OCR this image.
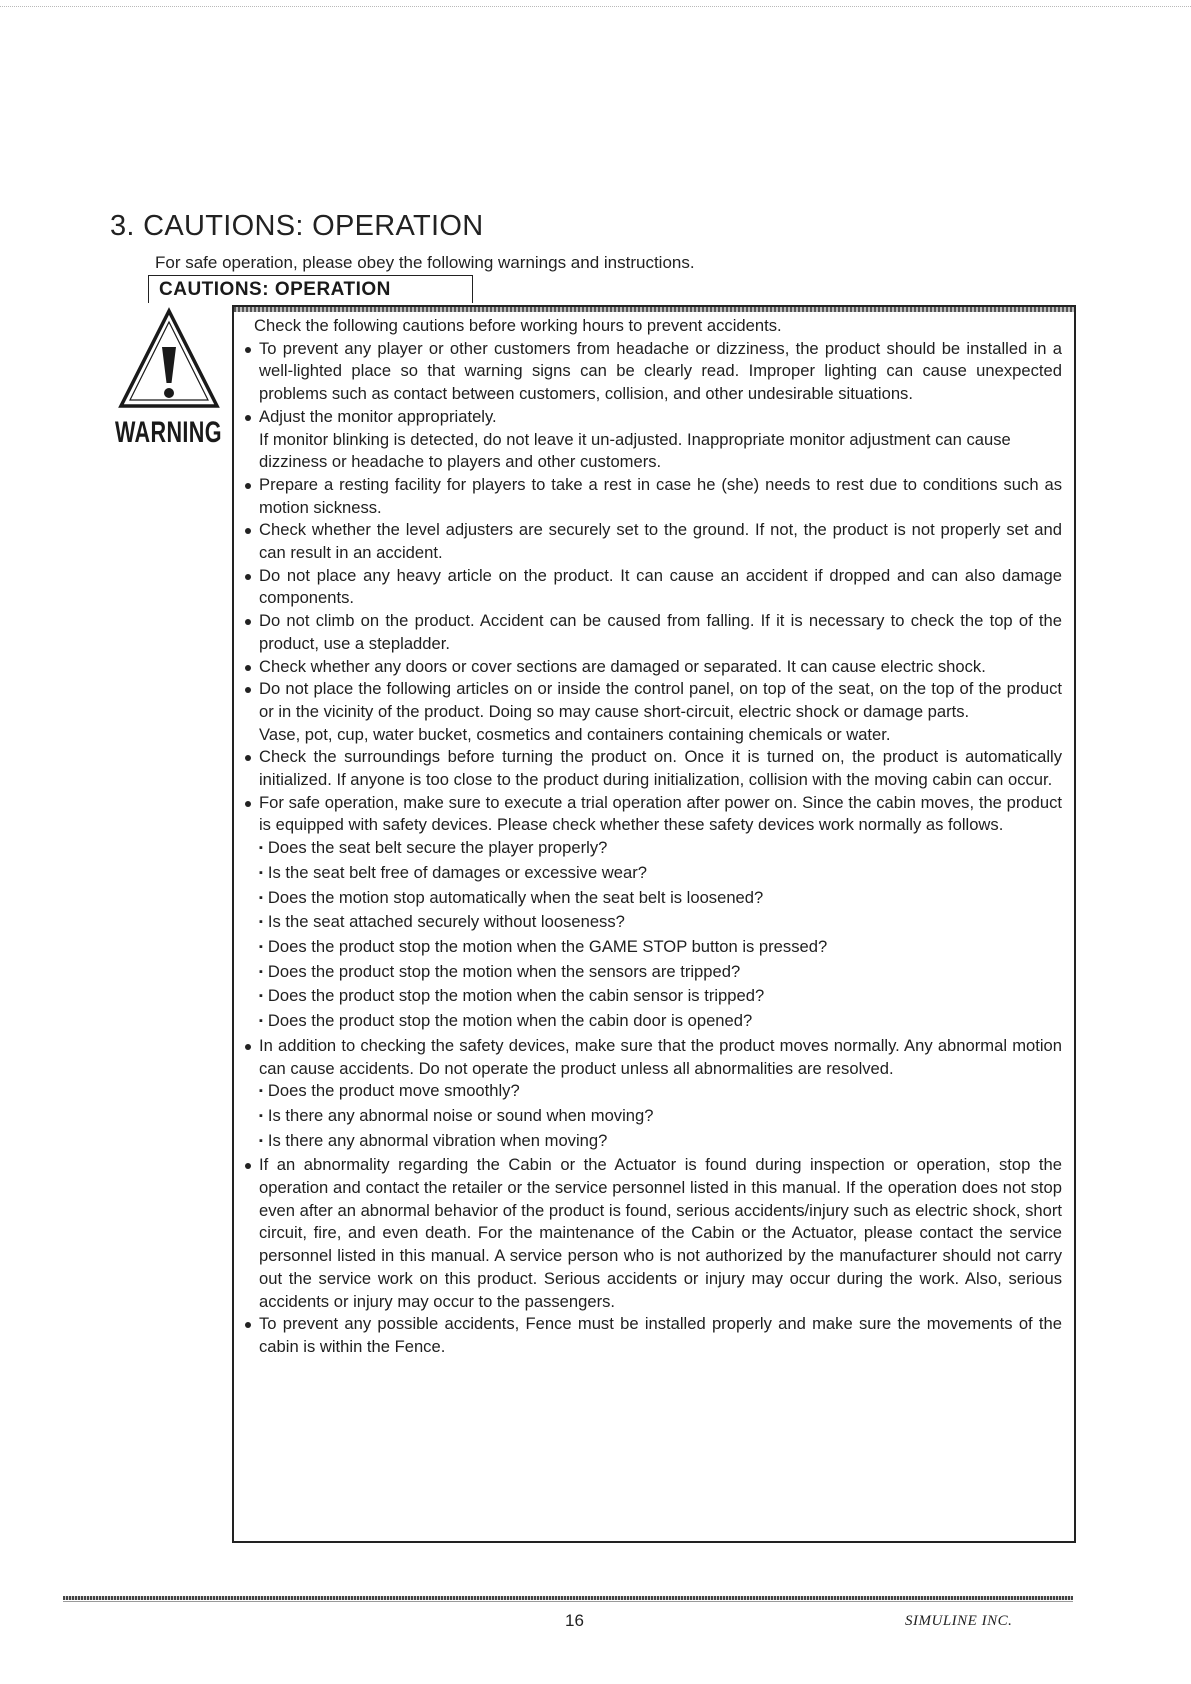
3. CAUTIONS: OPERATION
For safe operation, please obey the following warnings and instructions.
CAUTIONS: OPERATION
WARNING

Check the following cautions before working hours to prevent accidents.

To prevent any player or other customers from headache or dizziness, the product should be installed in a well-lighted place so that warning signs can be clearly read. Improper lighting can cause unexpected problems such as contact between customers, collision, and other undesirable situations.

Adjust the monitor appropriately.

If monitor blinking is detected, do not leave it un-adjusted. Inappropriate monitor adjustment can cause dizziness or headache to players and other customers.

Prepare a resting facility for players to take a rest in case he (she) needs to rest due to conditions such as motion sickness.

Check whether the level adjusters are securely set to the ground. If not, the product is not properly set and can result in an accident.

Do not place any heavy article on the product. It can cause an accident if dropped and can also damage components.

Do not climb on the product. Accident can be caused from falling. If it is necessary to check the top of the product, use a stepladder.

Check whether any doors or cover sections are damaged or separated. It can cause electric shock.

Do not place the following articles on or inside the control panel, on top of the seat, on the top of the product or in the vicinity of the product. Doing so may cause short-circuit, electric shock or damage parts.

Vase, pot, cup, water bucket, cosmetics and containers containing chemicals or water.

Check the surroundings before turning the product on. Once it is turned on, the product is automatically initialized. If anyone is too close to the product during initialization, collision with the moving cabin can occur.

For safe operation, make sure to execute a trial operation after power on. Since the cabin moves, the product is equipped with safety devices. Please check whether these safety devices work normally as follows.

▪ Does the seat belt secure the player properly?

▪ Is the seat belt free of damages or excessive wear?

▪ Does the motion stop automatically when the seat belt is loosened?

▪ Is the seat attached securely without looseness?

▪ Does the product stop the motion when the GAME STOP button is pressed?

▪ Does the product stop the motion when the sensors are tripped?

▪ Does the product stop the motion when the cabin sensor is tripped?

▪ Does the product stop the motion when the cabin door is opened?

In addition to checking the safety devices, make sure that the product moves normally. Any abnormal motion can cause accidents. Do not operate the product unless all abnormalities are resolved.

▪ Does the product move smoothly?

▪ Is there any abnormal noise or sound when moving?

▪ Is there any abnormal vibration when moving?

If an abnormality regarding the Cabin or the Actuator is found during inspection or operation, stop the operation and contact the retailer or the service personnel listed in this manual. If the operation does not stop even after an abnormal behavior of the product is found, serious accidents/injury such as electric shock, short circuit, fire, and even death. For the maintenance of the Cabin or the Actuator, please contact the service personnel listed in this manual. A service person who is not authorized by the manufacturer should not carry out the service work on this product. Serious accidents or injury may occur during the work. Also, serious accidents or injury may occur to the passengers.

To prevent any possible accidents, Fence must be installed properly and make sure the movements of the cabin is within the Fence.

16	SIMULINE INC.
